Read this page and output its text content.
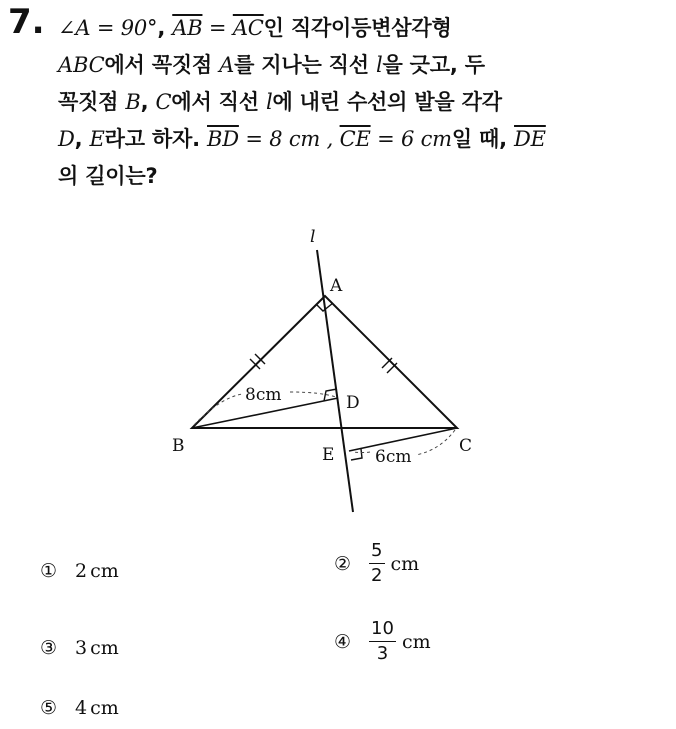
7. ∠A = 90°, $\overline{AB} = \overline{AC}$인 직각이등변삼각형
ABC에서 꼭짓점 A를 지나는 직선 l을 긋고, 두
꼭짓점 B, C에서 직선 l에 내린 수선의 발을 각각
D, E라고 하자. $\overline{BD} = 8$ cm , $\overline{CE} = 6$ cm일 때, $\overline{DE}$
의 길이는?
l
A
B	C
D
E
8cm
6cm
① 2 cm	② $\frac{5}{2}$ cm
③ 3 cm	④ $\frac{10}{3}$ cm
⑤ 4 cm
